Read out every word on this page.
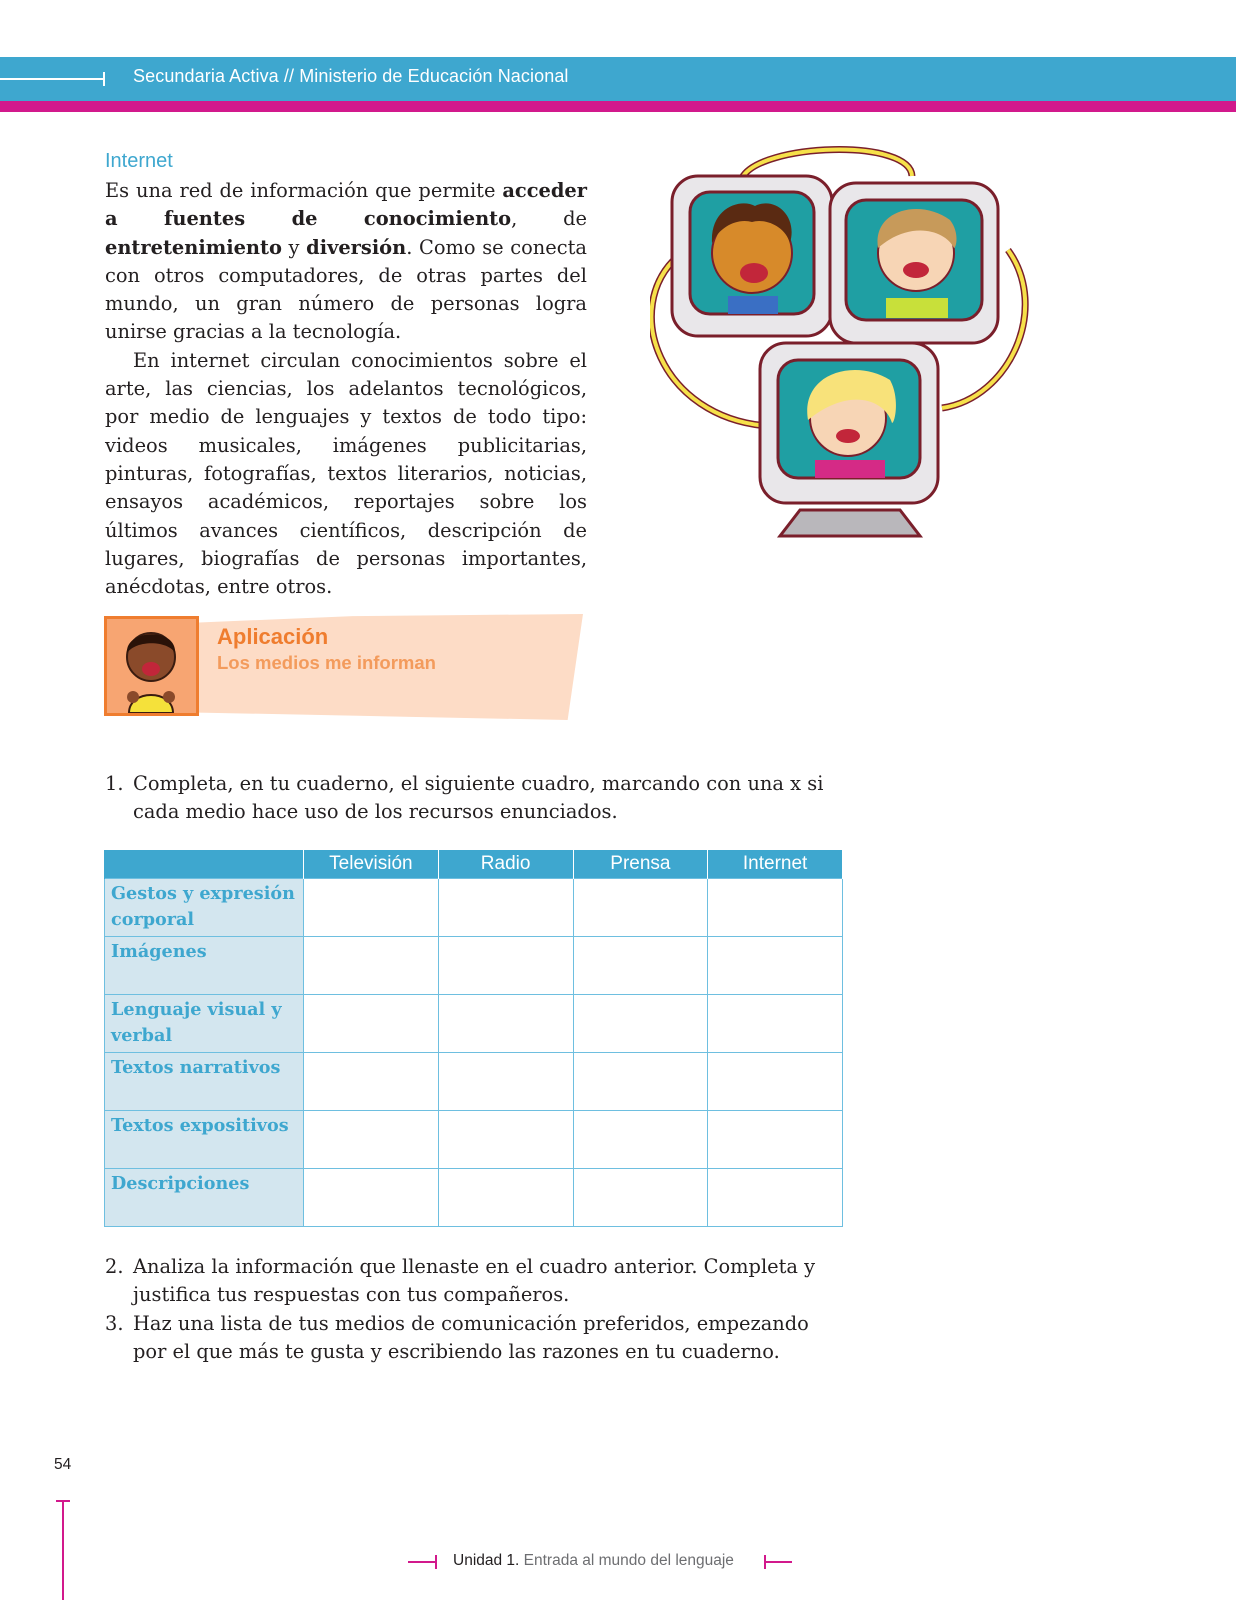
Secundaria Activa // Ministerio de Educación Nacional
Internet

Es una red de información que permite acceder a fuentes de conocimiento, de entretenimiento y diversión. Como se conecta con otros computadores, de otras partes del mundo, un gran número de personas logra unirse gracias a la tecnología.

En internet circulan conocimientos sobre el arte, las ciencias, los adelantos tecnológicos, por medio de lenguajes y textos de todo tipo: videos musicales, imágenes publicitarias, pinturas, fotografías, textos literarios, noticias, ensayos académicos, reportajes sobre los últimos avances científicos, descripción de lugares, biografías de personas importantes, anécdotas, entre otros.

Aplicación
Los medios me informan
1. Completa, en tu cuaderno, el siguiente cuadro, marcando con una x si cada medio hace uso de los recursos enunciados.
	Televisión	Radio	Prensa	Internet
Gestos y expresión corporal				
Imágenes				
Lenguaje visual y verbal				
Textos narrativos				
Textos expositivos				
Descripciones				
2. Analiza la información que llenaste en el cuadro anterior. Completa y justifica tus respuestas con tus compañeros.
3. Haz una lista de tus medios de comunicación preferidos, empezando por el que más te gusta y escribiendo las razones en tu cuaderno.
54
Unidad 1. Entrada al mundo del lenguaje
